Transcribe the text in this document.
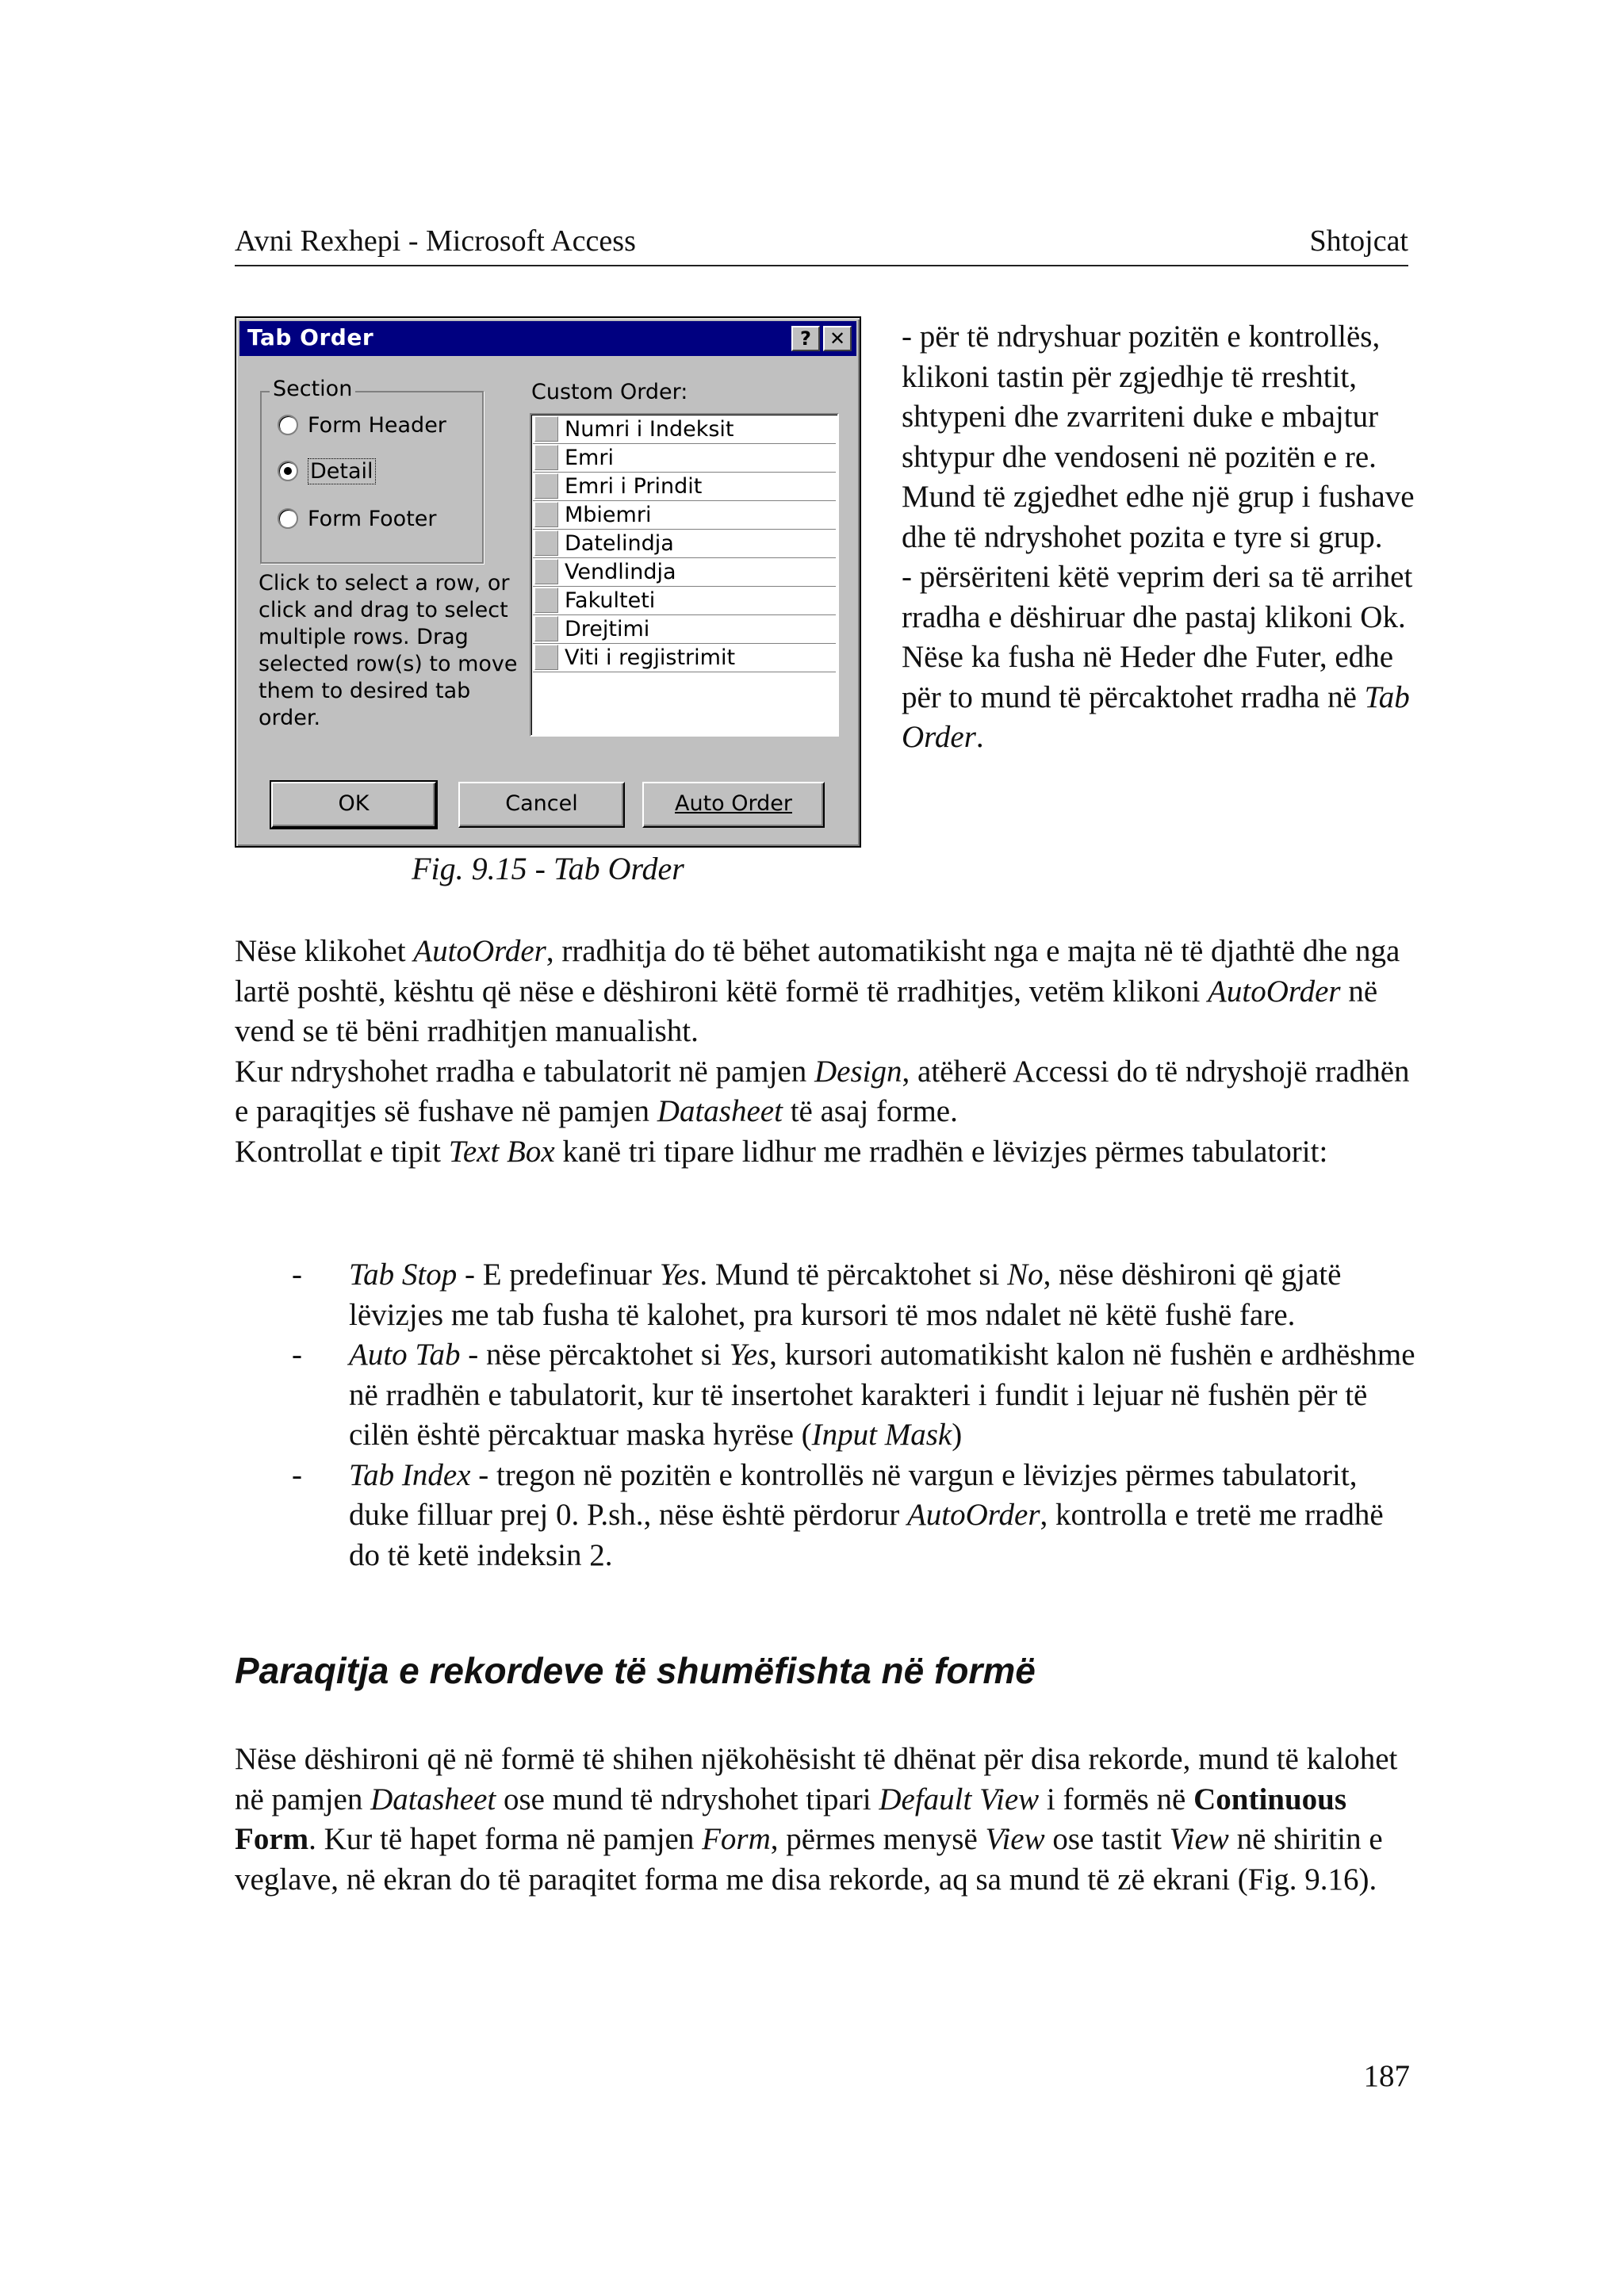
Avni Rexhepi - Microsoft Access	Shtojcat
Tab Order	? ✕
Section
Form Header
Detail
Form Footer
Click to select a row, or
click and drag to select
multiple rows. Drag
selected row(s) to move
them to desired tab
order.
Custom Order:
Numri i Indeksit
Emri
Emri i Prindit
Mbiemri
Datelindja
Vendlindja
Fakulteti
Drejtimi
Viti i regjistrimit
OK	Cancel	Auto Order
Fig. 9.15 - Tab Order

- për të ndryshuar pozitën e kontrollës, klikoni tastin për zgjedhje të rreshtit, shtypeni dhe zvarriteni duke e mbajtur shtypur dhe vendoseni në pozitën e re. Mund të zgjedhet edhe një grup i fushave dhe të ndryshohet pozita e tyre si grup.

- përsëriteni këtë veprim deri sa të arrihet rradha e dëshiruar dhe pastaj klikoni Ok.

Nëse ka fusha në Heder dhe Futer, edhe për to mund të përcaktohet rradha në Tab Order.

Nëse klikohet AutoOrder, rradhitja do të bëhet automatikisht nga e majta në të djathtë dhe nga lartë poshtë, kështu që nëse e dëshironi këtë formë të rradhitjes, vetëm klikoni AutoOrder në vend se të bëni rradhitjen manualisht.

Kur ndryshohet rradha e tabulatorit në pamjen Design, atëherë Accessi do të ndryshojë rradhën e paraqitjes së fushave në pamjen Datasheet të asaj forme.

Kontrollat e tipit Text Box kanë tri tipare lidhur me rradhën e lëvizjes përmes tabulatorit:

- Tab Stop - E predefinuar Yes. Mund të përcaktohet si No, nëse dëshironi që gjatë lëvizjes me tab fusha të kalohet, pra kursori të mos ndalet në këtë fushë fare.
- Auto Tab - nëse përcaktohet si Yes, kursori automatikisht kalon në fushën e ardhëshme në rradhën e tabulatorit, kur të insertohet karakteri i fundit i lejuar në fushën për të cilën është përcaktuar maska hyrëse (Input Mask)
- Tab Index - tregon në pozitën e kontrollës në vargun e lëvizjes përmes tabulatorit, duke filluar prej 0. P.sh., nëse është përdorur AutoOrder, kontrolla e tretë me rradhë do të ketë indeksin 2.
Paraqitja e rekordeve të shumëfishta në formë

Nëse dëshironi që në formë të shihen njëkohësisht të dhënat për disa rekorde, mund të kalohet në pamjen Datasheet ose mund të ndryshohet tipari Default View i formës në Continuous Form. Kur të hapet forma në pamjen Form, përmes menysë View ose tastit View në shiritin e veglave, në ekran do të paraqitet forma me disa rekorde, aq sa mund të zë ekrani (Fig. 9.16).

187
